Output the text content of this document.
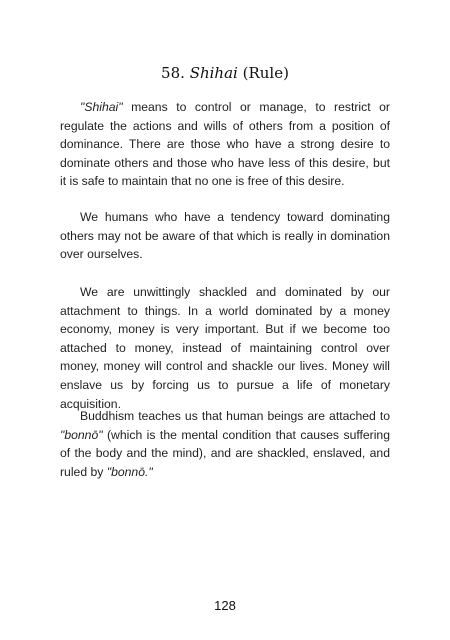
58. Shihai (Rule)

"Shihai" means to control or manage, to restrict or regulate the actions and wills of others from a position of dominance. There are those who have a strong desire to dominate others and those who have less of this desire, but it is safe to maintain that no one is free of this desire.

We humans who have a tendency toward dominating others may not be aware of that which is really in domination over ourselves.

We are unwittingly shackled and dominated by our attachment to things. In a world dominated by a money economy, money is very important. But if we become too attached to money, instead of maintaining control over money, money will control and shackle our lives. Money will enslave us by forcing us to pursue a life of monetary acquisition.

Buddhism teaches us that human beings are attached to "bonnō" (which is the mental condition that causes suffering of the body and the mind), and are shackled, enslaved, and ruled by "bonnō."

128
